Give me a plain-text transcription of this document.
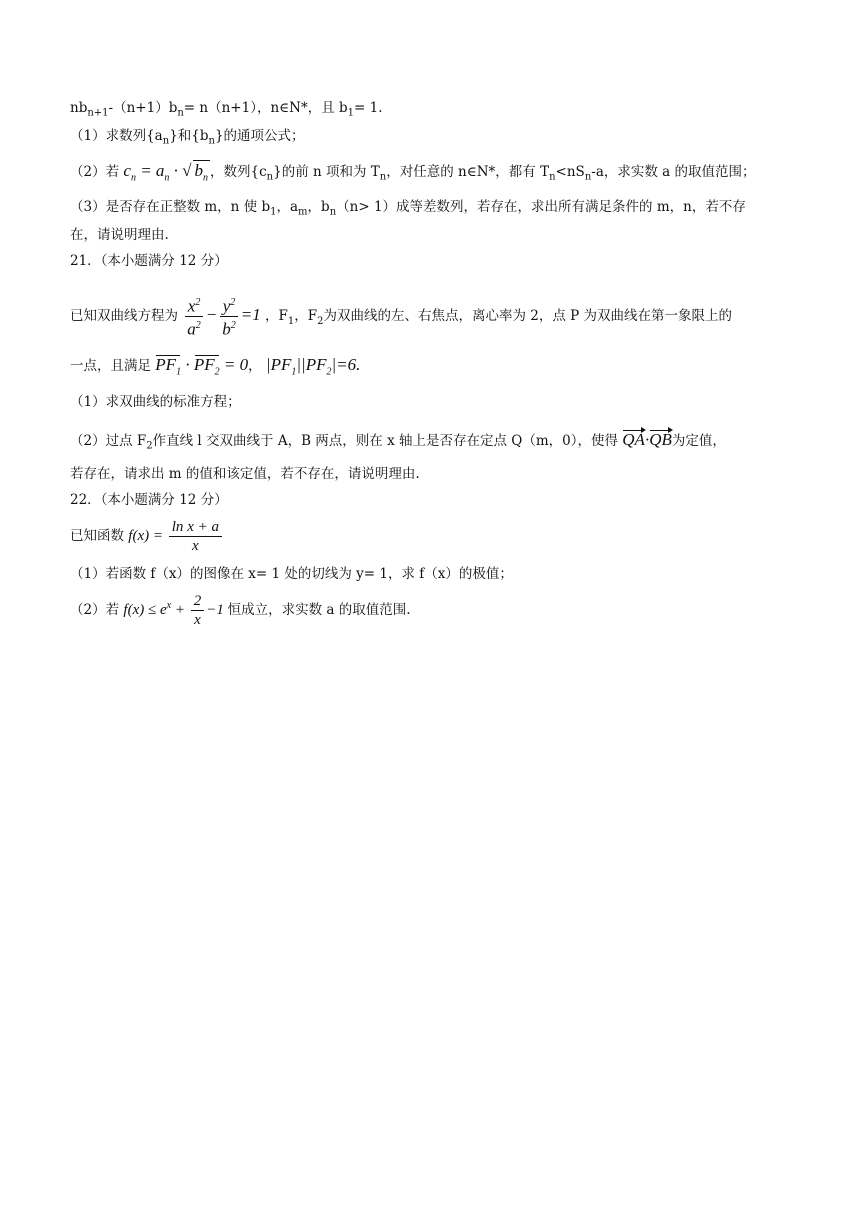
$nb_{n+1}-(n+1)b_n= n(n+1)$，n∈N*，且 $b_1= 1$.
（1）求数列$\{a_n\}$和$\{b_n\}$的通项公式；
（2）若 $c_n = a_n$ · √ $b_n$ ，数列$\{c_n\}$的前 n 项和为 $T_n$，对任意的 n∈N*，都有 $T_n<nS_n-a$，求实数 a 的取值范围；
（3）是否存在正整数 m，n 使 $b_1$，$a_m$，$b_n(n> 1)$成等差数列，若存在，求出所有满足条件的 m，n，若不存
在，请说明理由.
21．（本小题满分 12 分）
已知双曲线方程为 $\frac{x^2}{a^2} - \frac{y^2}{b^2} =1$ ，$F_1$，$F_2$为双曲线的左、右焦点，离心率为 2，点 P 为双曲线在第一象限上的
一点，且满足 $PF_1 \cdot PF_2 = 0$， $|PF_1||PF_2|=6$.
（1）求双曲线的标准方程；
（2）过点 $F_2$作直线 l 交双曲线于 A，B 两点，则在 x 轴上是否存在定点 Q（m，0），使得 QA·QB为定值，
若存在，请求出 m 的值和该定值，若不存在，请说明理由.
22．（本小题满分 12 分）
已知函数 $f(x) = \frac{\text{ln x + a}}{x}$
（1）若函数 f（x）的图像在 x= 1 处的切线为 y= 1，求 f（x）的极值；
（2）若 $f(x) \le e^x + \frac{2}{x} -1$ 恒成立，求实数 a 的取值范围.
